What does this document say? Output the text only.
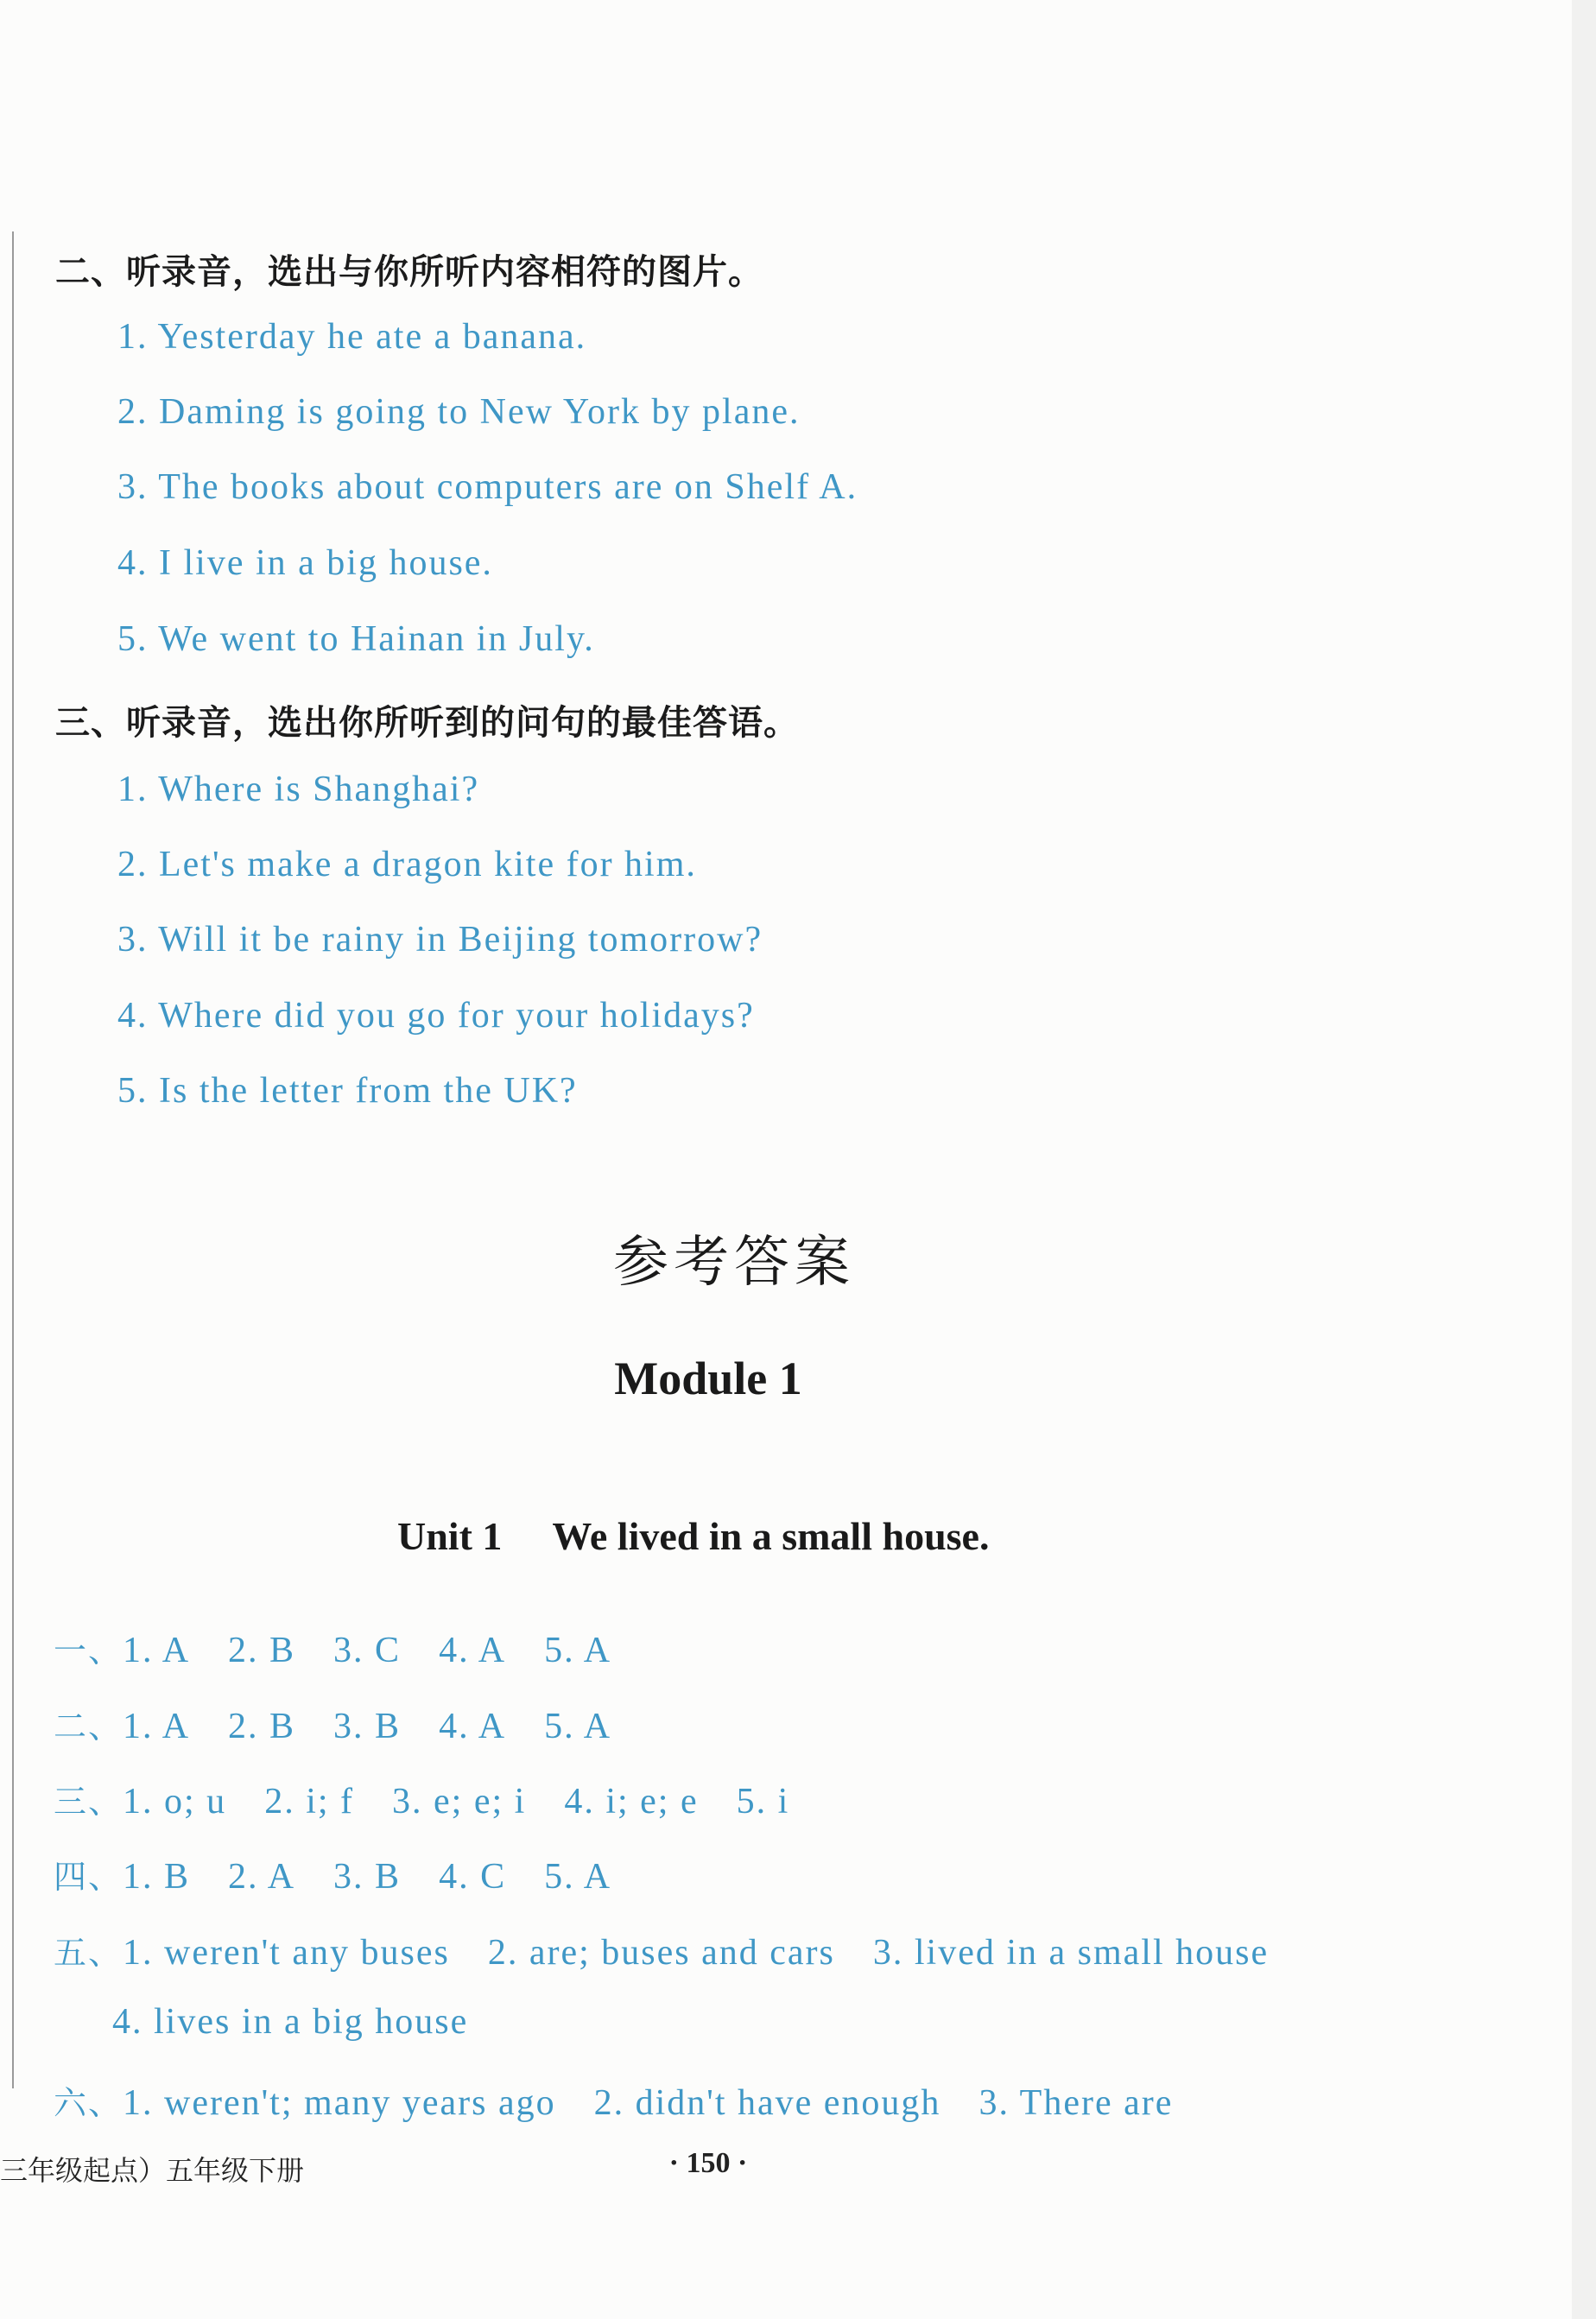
二、听录音，选出与你所听内容相符的图片。
1. Yesterday he ate a banana.
2. Daming is going to New York by plane.
3. The books about computers are on Shelf A.
4. I live in a big house.
5. We went to Hainan in July.
三、听录音，选出你所听到的问句的最佳答语。
1. Where is Shanghai?
2. Let's make a dragon kite for him.
3. Will it be rainy in Beijing tomorrow?
4. Where did you go for your holidays?
5. Is the letter from the UK?
参考答案
Module 1
Unit 1 We lived in a small house.
一、1. A 2. B 3. C 4. A 5. A
二、1. A 2. B 3. B 4. A 5. A
三、1. o; u 2. i; f 3. e; e; i 4. i; e; e 5. i
四、1. B 2. A 3. B 4. C 5. A
五、1. weren't any buses 2. are; buses and cars 3. lived in a small house
4. lives in a big house
六、1. weren't; many years ago 2. didn't have enough 3. There are
三年级起点）五年级下册	· 150 ·
